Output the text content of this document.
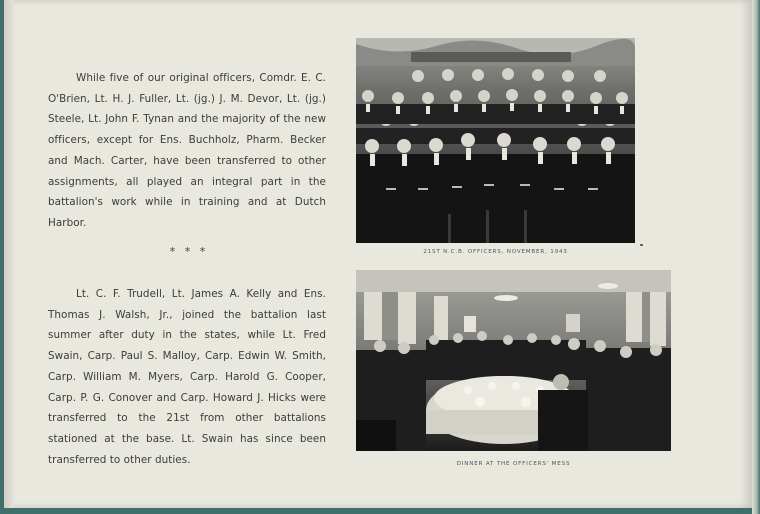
While five of our original officers, Comdr. E. C. O'Brien, Lt. H. J. Fuller, Lt. (jg.) J. M. Devor, Lt. (jg.) Steele, Lt. John F. Tynan and the majority of the new officers, except for Ens. Buchholz, Pharm. Becker and Mach. Carter, have been transferred to other assignments, all played an integral part in the battalion's work while in training and at Dutch Harbor.

* * *

Lt. C. F. Trudell, Lt. James A. Kelly and Ens. Thomas J. Walsh, Jr., joined the battalion last summer after duty in the states, while Lt. Fred Swain, Carp. Paul S. Malloy, Carp. Edwin W. Smith, Carp. William M. Myers, Carp. Harold G. Cooper, Carp. P. G. Conover and Carp. Howard J. Hicks were transferred to the 21st from other battalions stationed at the base. Lt. Swain has since been transferred to other duties.

21ST N.C.B. OFFICERS, NOVEMBER, 1943
DINNER AT THE OFFICERS' MESS
